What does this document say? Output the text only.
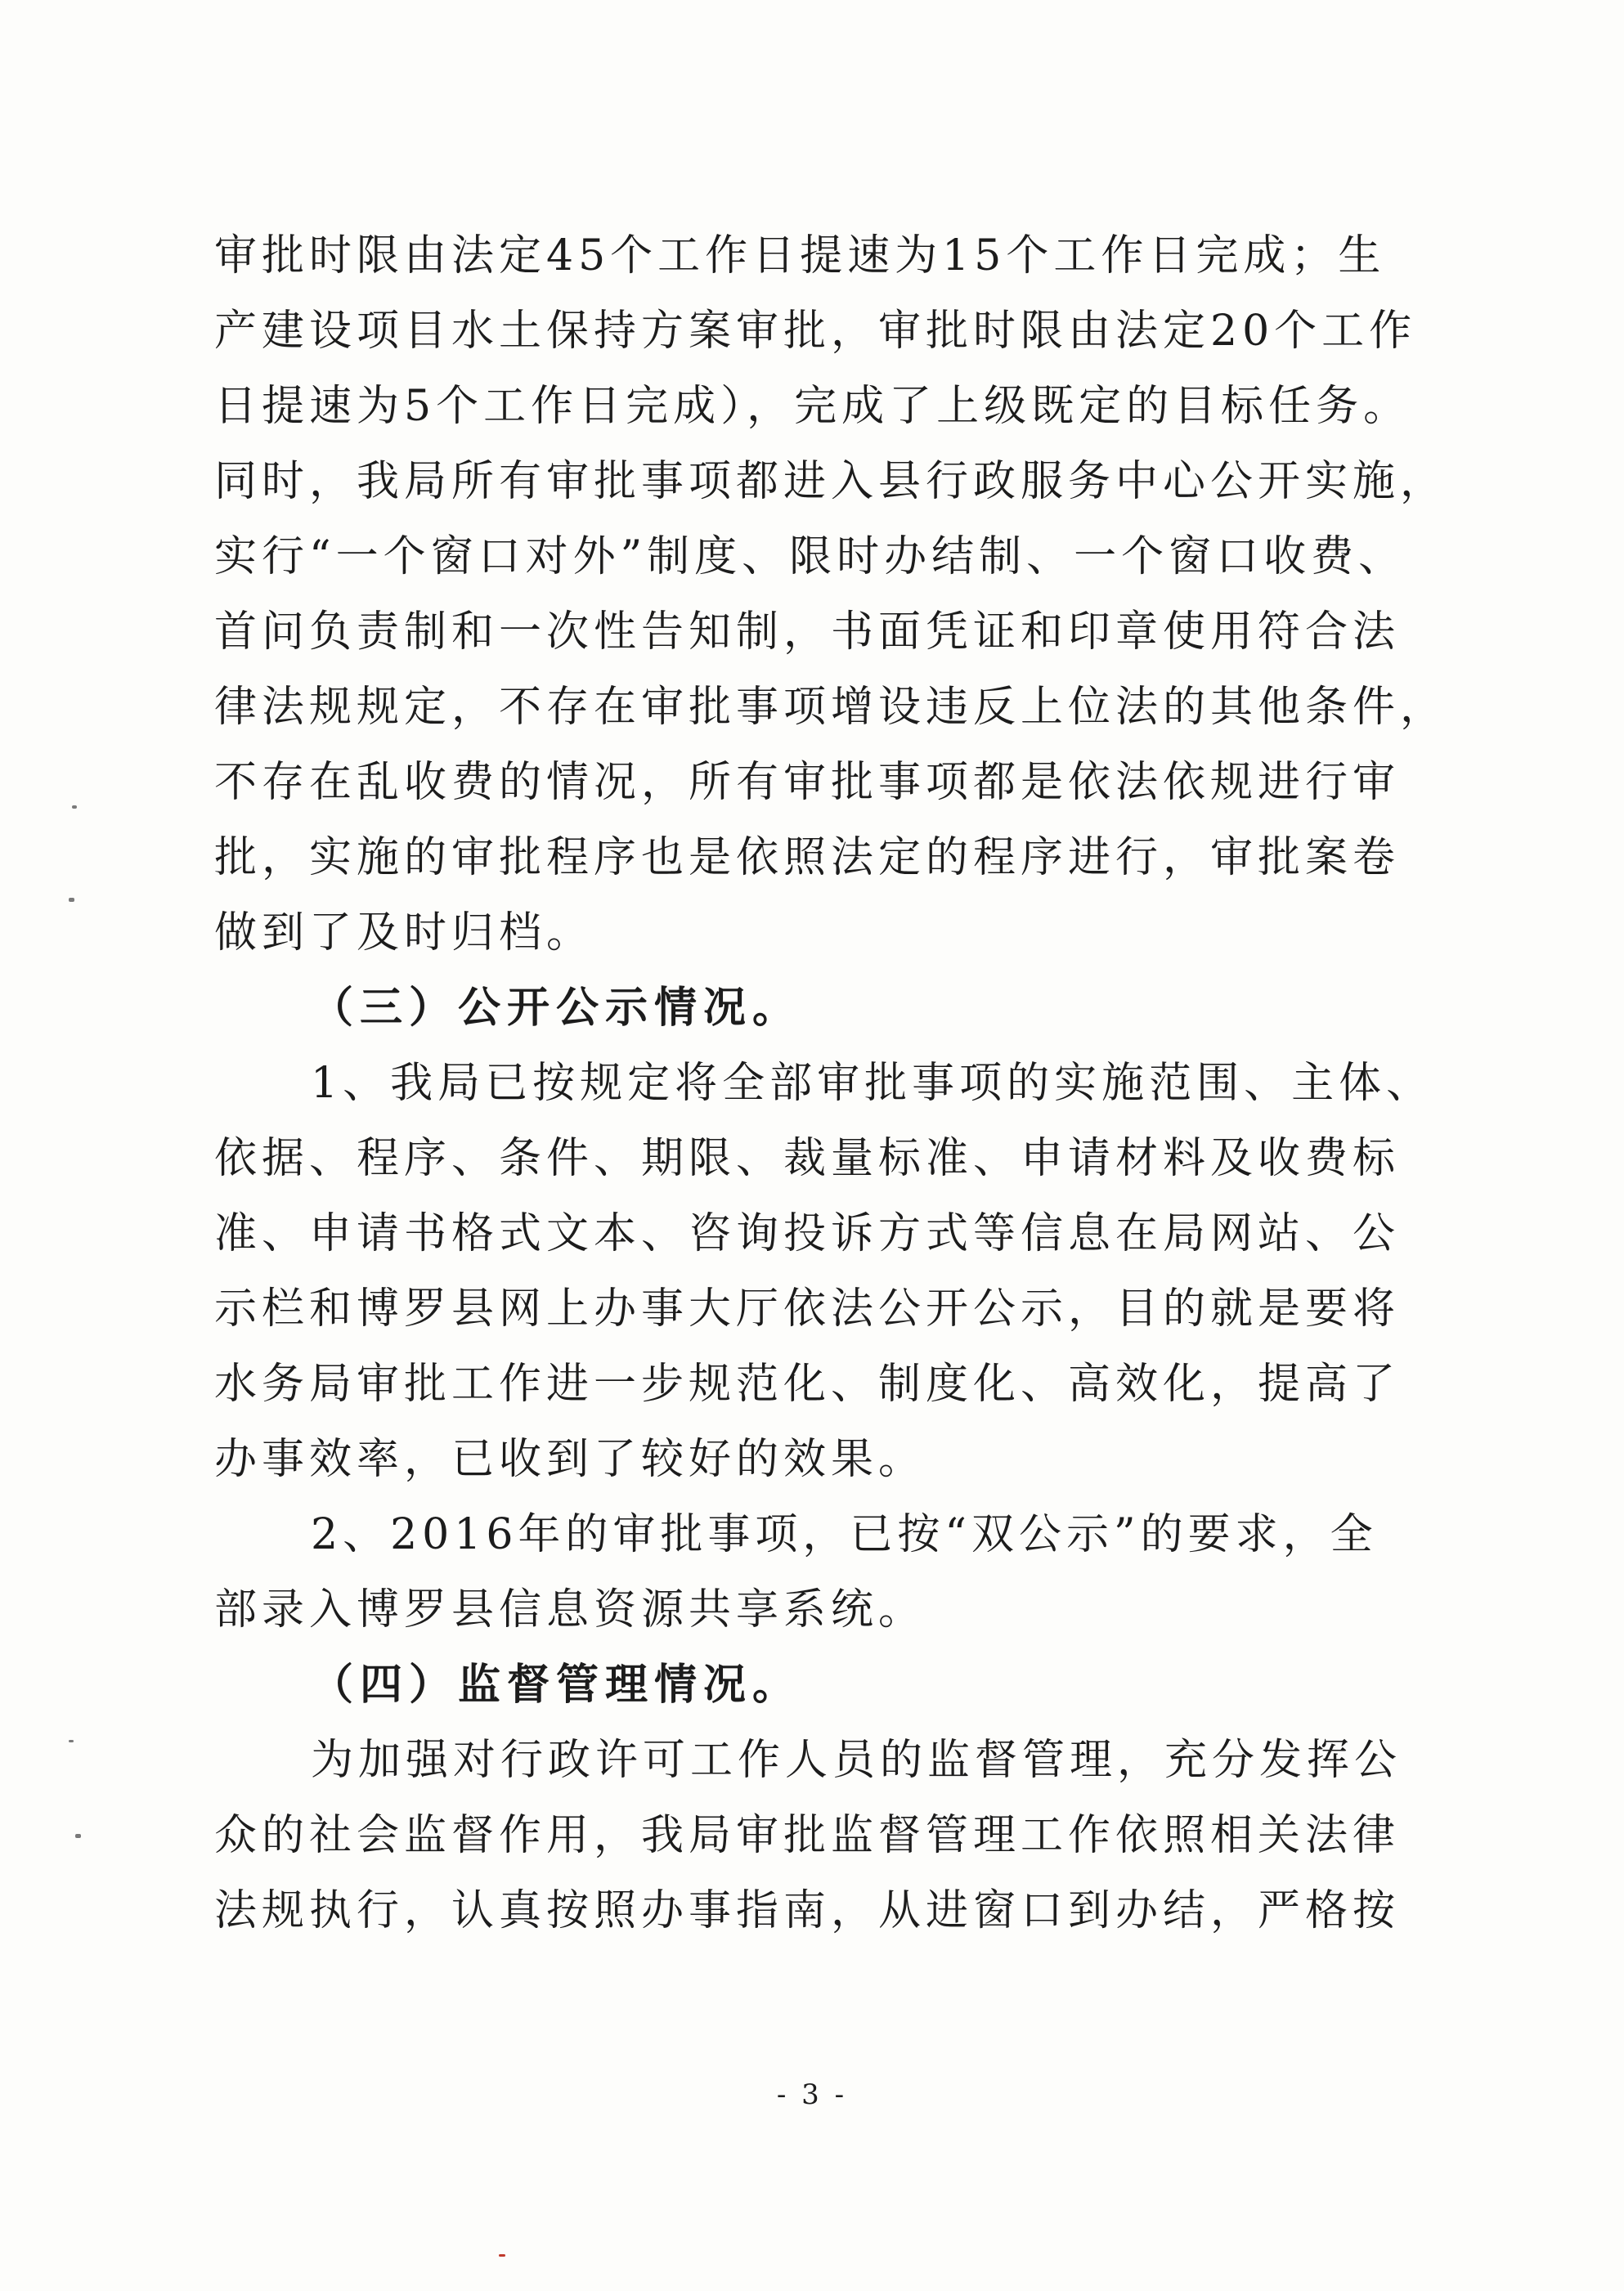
审批时限由法定45个工作日提速为15个工作日完成；生
产建设项目水土保持方案审批，审批时限由法定20个工作
日提速为5个工作日完成），完成了上级既定的目标任务。
同时，我局所有审批事项都进入县行政服务中心公开实施，
实行“一个窗口对外”制度、限时办结制、一个窗口收费、
首问负责制和一次性告知制，书面凭证和印章使用符合法
律法规规定，不存在审批事项增设违反上位法的其他条件，
不存在乱收费的情况，所有审批事项都是依法依规进行审
批，实施的审批程序也是依照法定的程序进行，审批案卷
做到了及时归档。
（三）公开公示情况。
1、我局已按规定将全部审批事项的实施范围、主体、
依据、程序、条件、期限、裁量标准、申请材料及收费标
准、申请书格式文本、咨询投诉方式等信息在局网站、公
示栏和博罗县网上办事大厅依法公开公示，目的就是要将
水务局审批工作进一步规范化、制度化、高效化，提高了
办事效率，已收到了较好的效果。
2、2016年的审批事项，已按“双公示”的要求，全
部录入博罗县信息资源共享系统。
（四）监督管理情况。
为加强对行政许可工作人员的监督管理，充分发挥公
众的社会监督作用，我局审批监督管理工作依照相关法律
法规执行，认真按照办事指南，从进窗口到办结，严格按
- 3 -
